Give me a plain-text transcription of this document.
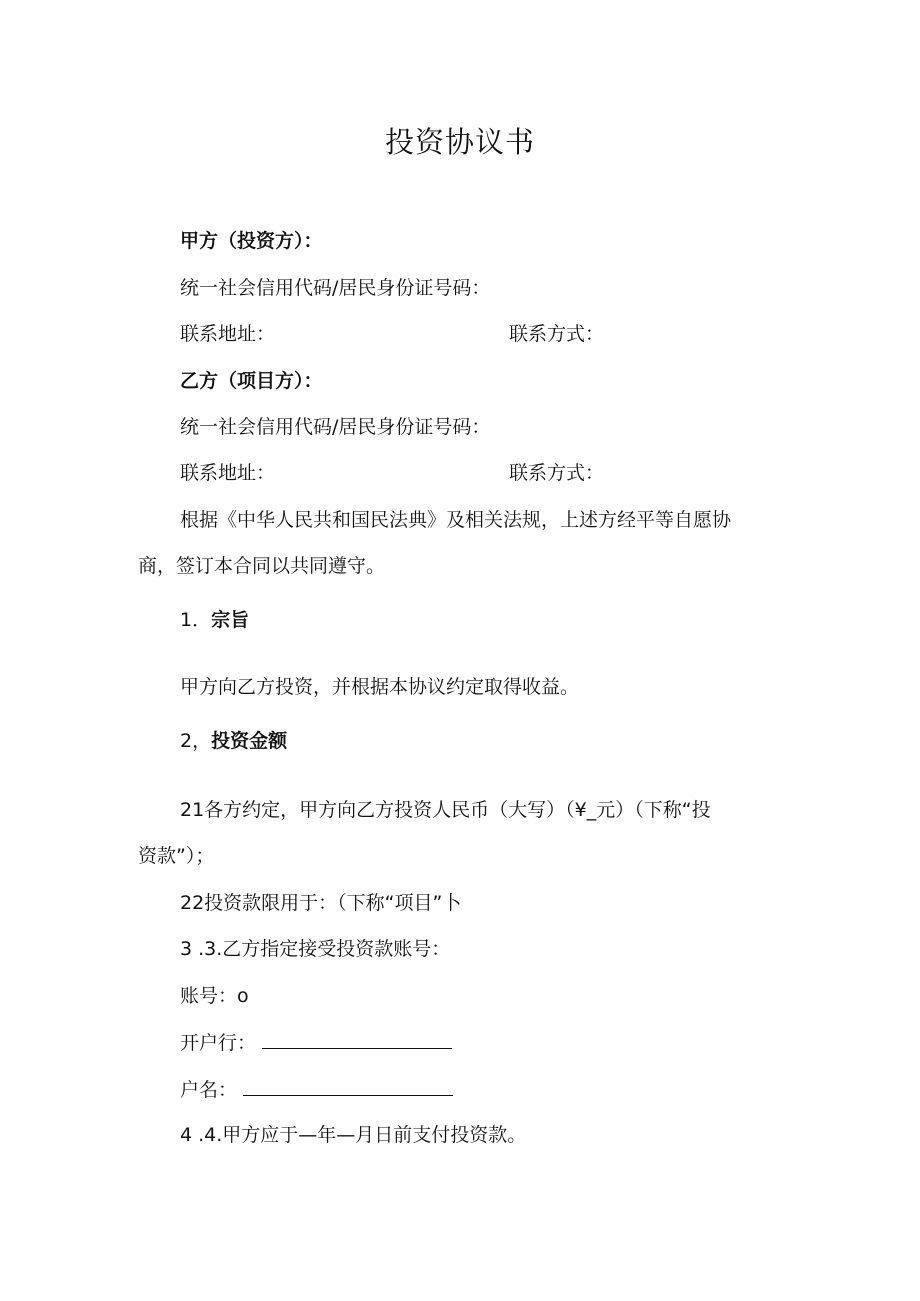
投资协议书
甲方（投资方）：
统一社会信用代码/居民身份证号码：
联系地址：	联系方式：
乙方（项目方）：
统一社会信用代码/居民身份证号码：
联系地址：	联系方式：
根据《中华人民共和国民法典》及相关法规，上述方经平等自愿协
商，签订本合同以共同遵守。
1．宗旨
甲方向乙方投资，并根据本协议约定取得收益。
2，投资金额
21各方约定，甲方向乙方投资人民币（大写）（¥_元）（下称“投
资款”）；
22投资款限用于：（下称“项目”卜
3 .3.乙方指定接受投资款账号：
账号：o
开户行：
户名：
4 .4.甲方应于—年—月日前支付投资款。
